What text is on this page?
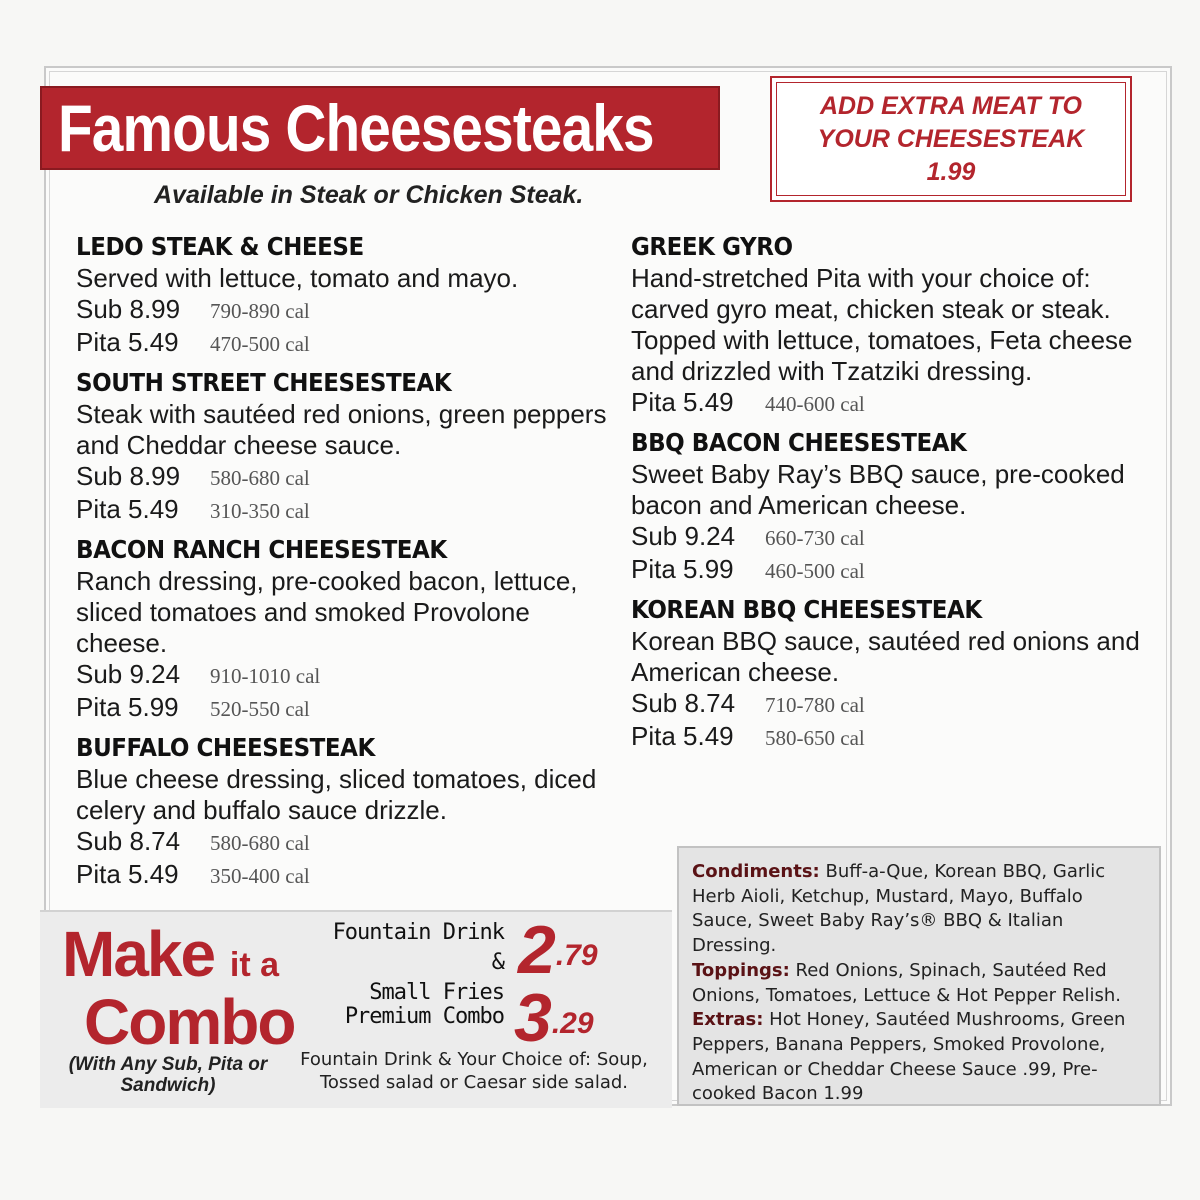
Famous Cheesesteaks
Available in Steak or Chicken Steak.
ADD EXTRA MEAT TO
YOUR CHEESESTEAK
1.99
LEDO STEAK & CHEESE
Served with lettuce, tomato and mayo.
Sub 8.99 790-890 cal
Pita 5.49 470-500 cal
SOUTH STREET CHEESESTEAK
Steak with sautéed red onions, green peppers and Cheddar cheese sauce.
Sub 8.99 580-680 cal
Pita 5.49 310-350 cal
BACON RANCH CHEESESTEAK
Ranch dressing, pre-cooked bacon, lettuce, sliced tomatoes and smoked Provolone cheese.
Sub 9.24 910-1010 cal
Pita 5.99 520-550 cal
BUFFALO CHEESESTEAK
Blue cheese dressing, sliced tomatoes, diced celery and buffalo sauce drizzle.
Sub 8.74 580-680 cal
Pita 5.49 350-400 cal
GREEK GYRO
Hand-stretched Pita with your choice of: carved gyro meat, chicken steak or steak. Topped with lettuce, tomatoes, Feta cheese and drizzled with Tzatziki dressing.
Pita 5.49 440-600 cal
BBQ BACON CHEESESTEAK
Sweet Baby Ray’s BBQ sauce, pre-cooked bacon and American cheese.
Sub 9.24 660-730 cal
Pita 5.99 460-500 cal
KOREAN BBQ CHEESESTEAK
Korean BBQ sauce, sautéed red onions and American cheese.
Sub 8.74 710-780 cal
Pita 5.49 580-650 cal
Make it a
Combo
(With Any Sub, Pita or Sandwich)
Fountain Drink &
Small Fries
$2^{.79}$
Premium Combo $3^{.29}$
Fountain Drink & Your Choice of: Soup, Tossed salad or Caesar side salad.
Condiments: Buff-a-Que, Korean BBQ, Garlic Herb Aioli, Ketchup, Mustard, Mayo, Buffalo Sauce, Sweet Baby Ray’s® BBQ & Italian Dressing.
Toppings: Red Onions, Spinach, Sautéed Red Onions, Tomatoes, Lettuce & Hot Pepper Relish.
Extras: Hot Honey, Sautéed Mushrooms, Green Peppers, Banana Peppers, Smoked Provolone, American or Cheddar Cheese Sauce .99, Pre-cooked Bacon 1.99
